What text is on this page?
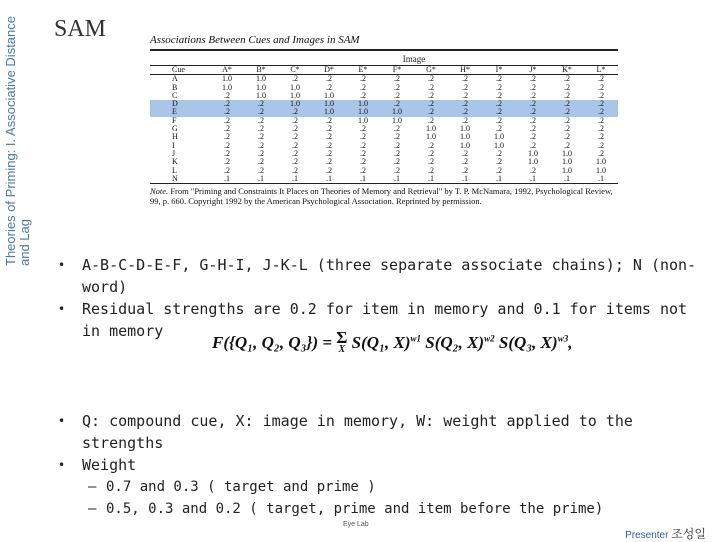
Theories of Priming: I. Associative Distance and Lag
SAM	Associations Between Cues and Images in SAM
Image
Cue	A*	B*	C*	D*	E*	F*	G*	H*	I*	J*	K*	L*
A	1.0	1.0	.2	.2	.2	.2	.2	.2	.2	.2	.2	.2
B	1.0	1.0	1.0	.2	.2	.2	.2	.2	.2	.2	.2	.2
C	.2	1.0	1.0	1.0	.2	.2	.2	.2	.2	.2	.2	.2
D	.2	.2	1.0	1.0	1.0	.2	.2	.2	.2	.2	.2	.2
E	.2	.2	.2	1.0	1.0	1.0	.2	.2	.2	.2	.2	.2
F	.2	.2	.2	.2	1.0	1.0	.2	.2	.2	.2	.2	.2
G	.2	.2	.2	.2	.2	.2	1.0	1.0	.2	.2	.2	.2
H	.2	.2	.2	.2	.2	.2	1.0	1.0	1.0	.2	.2	.2
I	.2	.2	.2	.2	.2	.2	.2	1.0	1.0	.2	.2	.2
J	.2	.2	.2	.2	.2	.2	.2	.2	.2	1.0	1.0	.2
K	.2	.2	.2	.2	.2	.2	.2	.2	.2	1.0	1.0	1.0
L	.2	.2	.2	.2	.2	.2	.2	.2	.2	.2	1.0	1.0
N	.1	.1	.1	.1	.1	.1	.1	.1	.1	.1	.1	.1
Note. From "Priming and Constraints It Places on Theories of Memory and Retrieval" by T. P. McNamara, 1992, Psychological Review, 99, p. 660. Copyright 1992 by the American Psychological Association. Reprinted by permission.
• A-B-C-D-E-F, G-H-I, J-K-L (three separate associate chains); N (non-word)
• Residual strengths are 0.2 for item in memory and 0.1 for items not in memory
• Q: compound cue, X: image in memory, W: weight applied to the strengths
• Weight
– 0.7 and 0.3 ( target and prime )
– 0.5, 0.3 and 0.2 ( target, prime and item before the prime)
F({Q₁, Q₂, Q₃}) = Σ
X S(Q₁, X)$^{w1}$ S(Q₂, X)$^{w2}$ S(Q₃, X)$^{w3}$,
Eye Lab
Presenter 조성일
